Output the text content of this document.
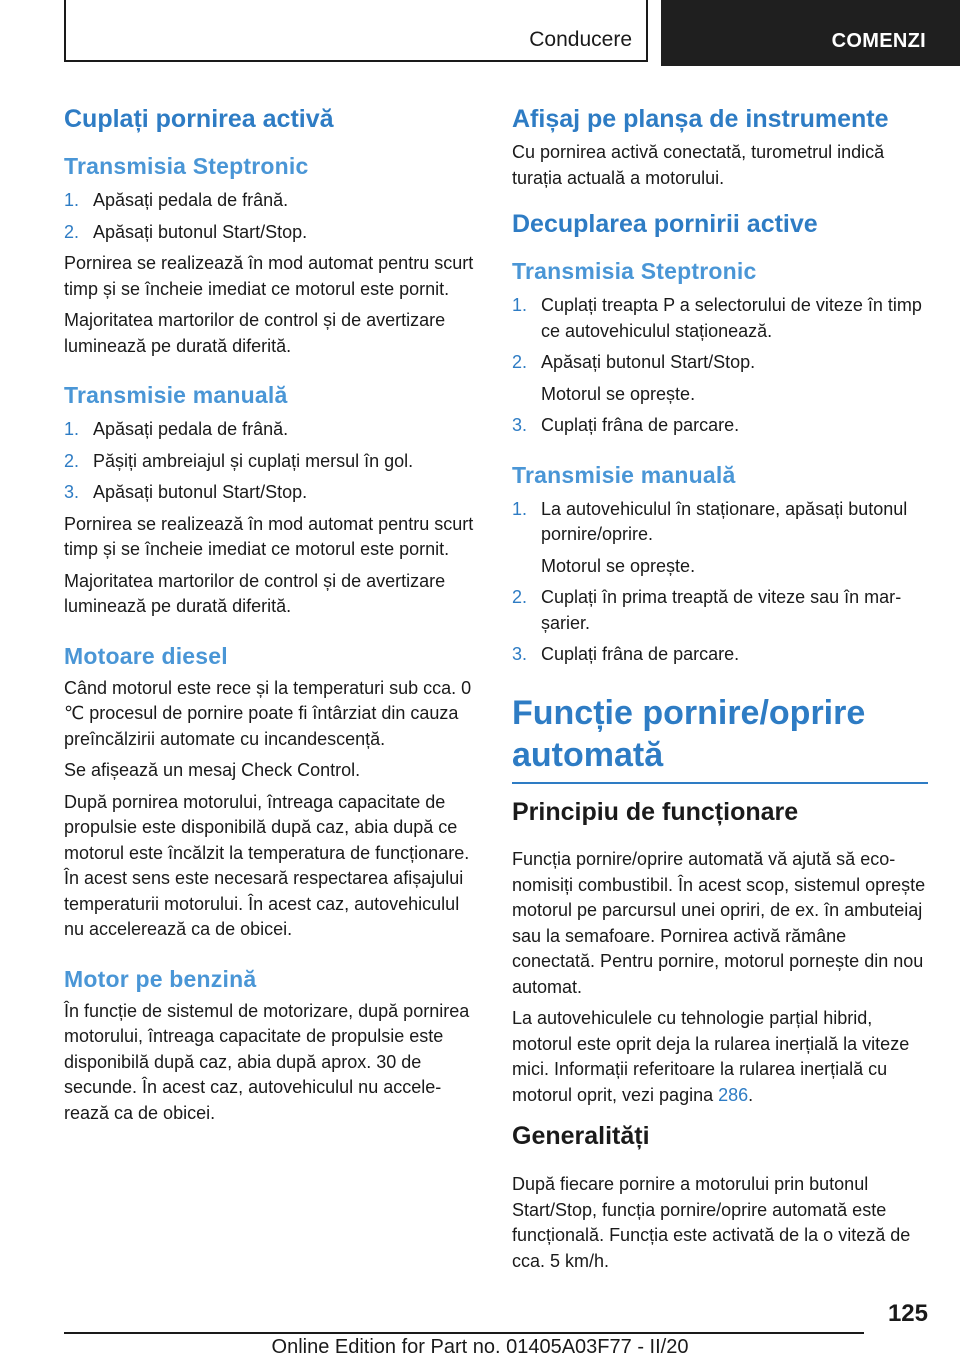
Conducere	COMENZI
Cuplați pornirea activă
Transmisia Steptronic
1. Apăsați pedala de frână.
2. Apăsați butonul Start/Stop.

Pornirea se realizează în mod automat pentru scurt timp și se încheie imediat ce motorul este pornit.

Majoritatea martorilor de control și de avertizare luminează pe durată diferită.

Transmisie manuală
1. Apăsați pedala de frână.
2. Pășiți ambreiajul și cuplați mersul în gol.
3. Apăsați butonul Start/Stop.

Pornirea se realizează în mod automat pentru scurt timp și se încheie imediat ce motorul este pornit.

Majoritatea martorilor de control și de avertizare luminează pe durată diferită.

Motoare diesel

Când motorul este rece și la temperaturi sub cca. 0 ℃ procesul de pornire poate fi întârziat din cauza preîncălzirii automate cu incandescență.

Se afișează un mesaj Check Control.

După pornirea motorului, întreaga capacitate de propulsie este disponibilă după caz, abia după ce motorul este încălzit la temperatura de funcționare. În acest sens este necesară respectarea afișajului temperaturii motorului. În acest caz, autovehiculul nu accelerează ca de obicei.

Motor pe benzină

În funcție de sistemul de motorizare, după pornirea motorului, întreaga capacitate de propulsie este disponibilă după caz, abia după aprox. 30 de secunde. În acest caz, autovehiculul nu accelerează ca de obicei.

Afișaj pe planșa de instrumente

Cu pornirea activă conectată, turometrul indică turația actuală a motorului.

Decuplarea pornirii active
Transmisia Steptronic
1. Cuplați treapta P a selectorului de viteze în timp ce autovehiculul staționează.
2. Apăsați butonul Start/Stop.
Motorul se oprește.
3. Cuplați frâna de parcare.
Transmisie manuală
1. La autovehiculul în staționare, apăsați butonul pornire/oprire.
Motorul se oprește.
2. Cuplați în prima treaptă de viteze sau în marșarier.
3. Cuplați frâna de parcare.
Funcție pornire/oprire automată
Principiu de funcționare

Funcția pornire/oprire automată vă ajută să economisiți combustibil. În acest scop, sistemul oprește motorul pe parcursul unei opriri, de ex. în ambuteiaj sau la semafoare. Pornirea activă rămâne conectată. Pentru pornire, motorul pornește din nou automat.

La autovehiculele cu tehnologie parțial hibrid, motorul este oprit deja la rularea inerțială la viteze mici. Informații referitoare la rularea inerțială cu motorul oprit, vezi pagina 286.

Generalități

După fiecare pornire a motorului prin butonul Start/Stop, funcția pornire/oprire automată este funcțională. Funcția este activată de la o viteză de cca. 5 km/h.

125
Online Edition for Part no. 01405A03F77 - II/20
